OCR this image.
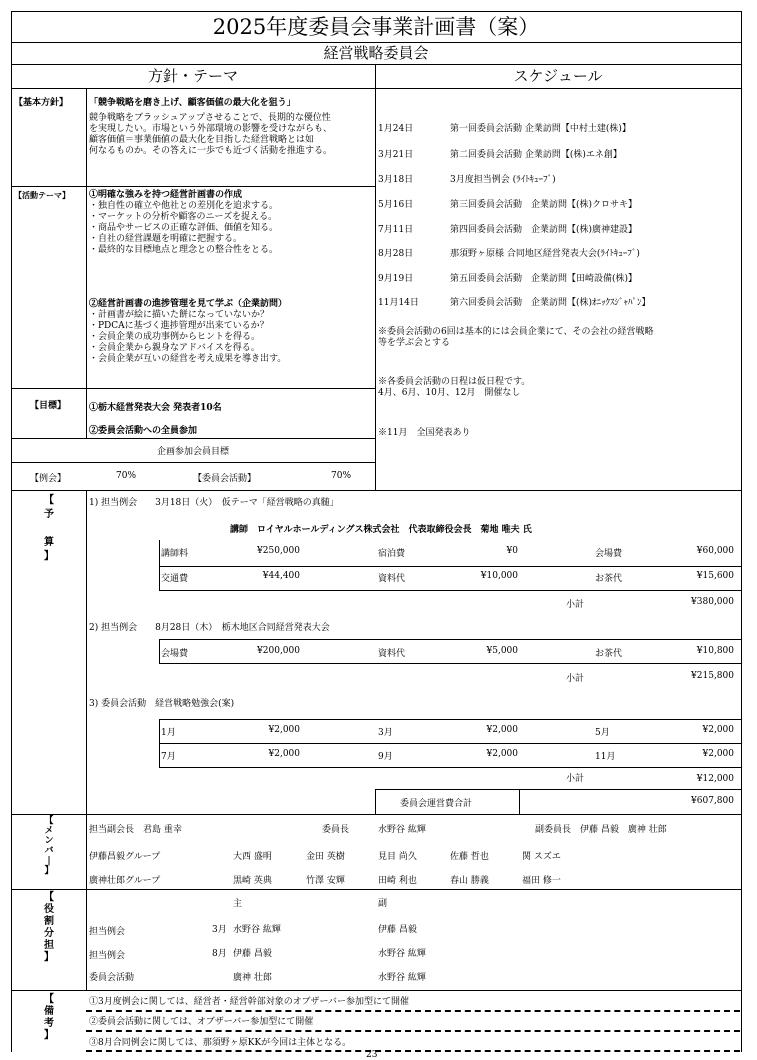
2025年度委員会事業計画書（案）
経営戦略委員会
方針・テーマ	スケジュール
【基本方針】 「競争戦略を磨き上げ、顧客価値の最大化を狙う」
競争戦略をブラッシュアップさせることで、長期的な優位性
を実現したい。市場という外部環境の影響を受けながらも、
顧客価値＝事業価値の最大化を目指した経営戦略とは如
何なるものか。その答えに一歩でも近づく活動を推進する。
【活動テーマ】 ①明確な強みを持つ経営計画書の作成
・独自性の確立や他社との差別化を追求する。
・マーケットの分析や顧客のニーズを捉える。
・商品やサービスの正確な評価、価値を知る。
・自社の経営課題を明確に把握する。
・最終的な目標地点と理念との整合性をとる。
②経営計画書の進捗管理を見て学ぶ（企業訪問）
・計画書が絵に描いた餅になっていないか？
・PDCAに基づく進捗管理が出来ているか？
・会員企業の成功事例からヒントを得る。
・会員企業から親身なアドバイスを得る。
・会員企業が互いの経営を考え成果を導き出す。
【目標】	①栃木経営発表大会 発表者10名
②委員会活動への全員参加
企画参加会員目標
【例会】	70%	【委員会活動】	70%
1月24日	第一回委員会活動 企業訪問【中村土建(株)】
3月21日	第二回委員会活動 企業訪問【(株)エネ創】
3月18日	3月度担当例会 (ﾗｲﾄｷｭｰﾌﾞ)
5月16日	第三回委員会活動　企業訪問【(株)クロサキ】
7月11日	第四回委員会活動　企業訪問【(株)廣神建設】
8月28日	那須野ヶ原様 合同地区経営発表大会(ﾗｲﾄｷｭｰﾌﾞ)
9月19日	第五回委員会活動　企業訪問【田崎設備(株)】
11月14日	第六回委員会活動　企業訪問【(株)ｵﾆｯｸｽｼﾞｬﾊﾟﾝ】
※委員会活動の6回は基本的には会員企業にて、その会社の経営戦略
等を学ぶ会とする
※各委員会活動の日程は仮日程です。
4月、6月、10月、12月　開催なし
※11月　全国発表あり
【
予

算
】
1) 担当例会　　3月18日（火）　仮テーマ「経営戦略の真髄」
講師　ロイヤルホールディングス株式会社　代表取締役会長　菊地 唯夫 氏
講師料	¥250,000	宿泊費	¥0	会場費	¥60,000
交通費	¥44,400	資料代	¥10,000	お茶代	¥15,600
小計	¥380,000
2) 担当例会　　8月28日（木）　栃木地区合同経営発表大会
会場費	¥200,000	資料代	¥5,000	お茶代	¥10,800
小計	¥215,800
3) 委員会活動　経営戦略勉強会(案)
1月	¥2,000	3月	¥2,000	5月	¥2,000
7月	¥2,000	9月	¥2,000	11月	¥2,000
小計	¥12,000
委員会運営費合計	¥607,800
【
メ
ン
バ
|
】
担当副会長　君島 重幸	委員長	水野谷 紘輝	副委員長　伊藤 昌毅　廣神 壮郎
伊藤昌毅グループ	大西 盛明	金田 英樹	見目 尚久	佐藤 哲也	関 スズエ
廣神壮郎グループ	黒崎 英典	竹澤 安輝	田崎 利也	春山 勝義	福田 修一
【
役
割
分
担
】
主	副
担当例会	3月 水野谷 紘輝	伊藤 昌毅
担当例会	8月 伊藤 昌毅	水野谷 紘輝
委員会活動	廣神 壮郎	水野谷 紘輝
【
備
考
】
①3月度例会に関しては、経営者・経営幹部対象のオブザーバー参加型にて開催
②委員会活動に関しては、オブザーバー参加型にて開催
③8月合同例会に関しては、那須野ヶ原KKが今回は主体となる。
23
